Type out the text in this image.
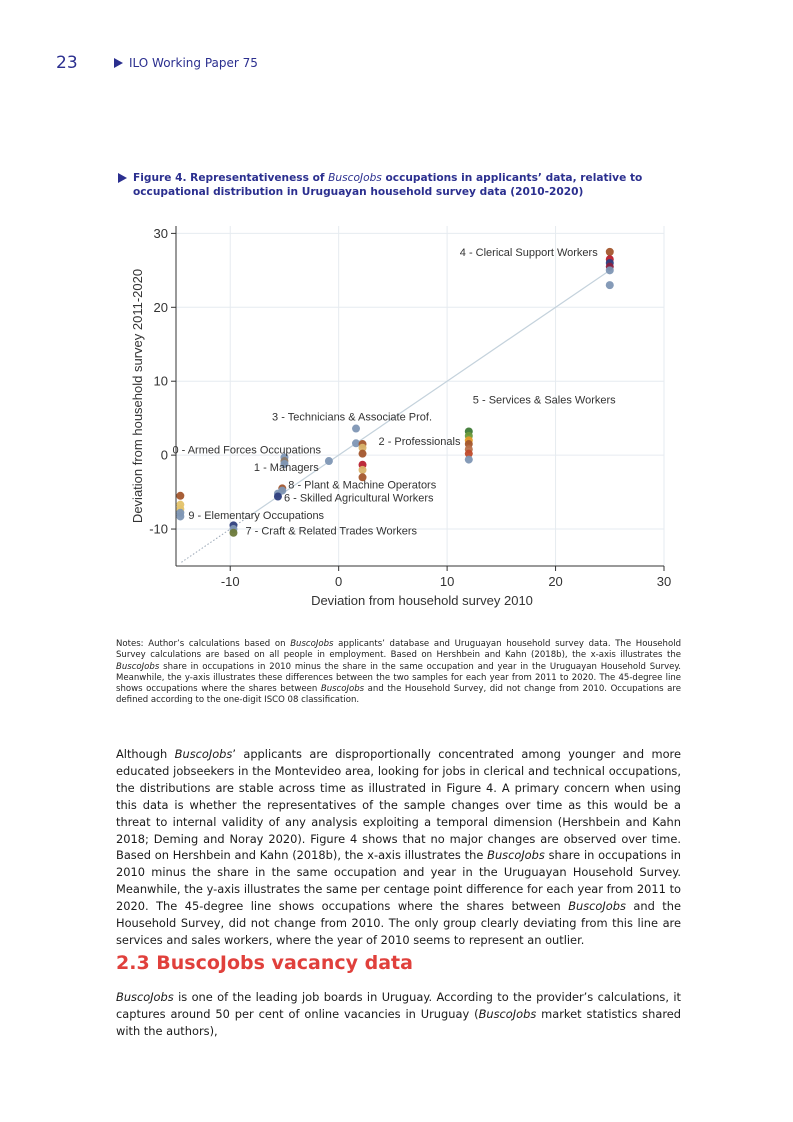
23	ILO Working Paper 75
Figure 4. Representativeness of BuscoJobs occupations in applicants’ data, relative to occupational distribution in Uruguayan household survey data (2010-2020)
-10	0	10	20	30
-10
0
10
20
30
4 - Clerical Support Workers
5 - Services & Sales Workers
3 - Technicians & Associate Prof.
2 - Professionals
0 - Armed Forces Occupations
1 - Managers
8 - Plant & Machine Operators
6 - Skilled Agricultural Workers
9 - Elementary Occupations
7 - Craft & Related Trades Workers
Deviation from household survey 2010
Deviation from household survey 2011-2020
Notes: Author’s calculations based on BuscoJobs applicants’ database and Uruguayan household survey data. The Household Survey calculations are based on all people in employment. Based on Hershbein and Kahn (2018b), the x-axis illustrates the BuscoJobs share in occupations in 2010 minus the share in the same occupation and year in the Uruguayan Household Survey. Meanwhile, the y-axis illustrates these differences between the two samples for each year from 2011 to 2020. The 45-degree line shows occupations where the shares between BuscoJobs and the Household Survey, did not change from 2010. Occupations are defined according to the one-digit ISCO 08 classification.
Although BuscoJobs’ applicants are disproportionally concentrated among younger and more educated jobseekers in the Montevideo area, looking for jobs in clerical and technical occupations, the distributions are stable across time as illustrated in Figure 4. A primary concern when using this data is whether the representatives of the sample changes over time as this would be a threat to internal validity of any analysis exploiting a temporal dimension (Hershbein and Kahn 2018; Deming and Noray 2020). Figure 4 shows that no major changes are observed over time. Based on Hershbein and Kahn (2018b), the x-axis illustrates the BuscoJobs share in occupations in 2010 minus the share in the same occupation and year in the Uruguayan Household Survey. Meanwhile, the y-axis illustrates the same per centage point difference for each year from 2011 to 2020. The 45-degree line shows occupations where the shares between BuscoJobs and the Household Survey, did not change from 2010. The only group clearly deviating from this line are services and sales workers, where the year of 2010 seems to represent an outlier.
2.3 BuscoJobs vacancy data
BuscoJobs is one of the leading job boards in Uruguay. According to the provider’s calculations, it captures around 50 per cent of online vacancies in Uruguay (BuscoJobs market statistics shared with the authors),
